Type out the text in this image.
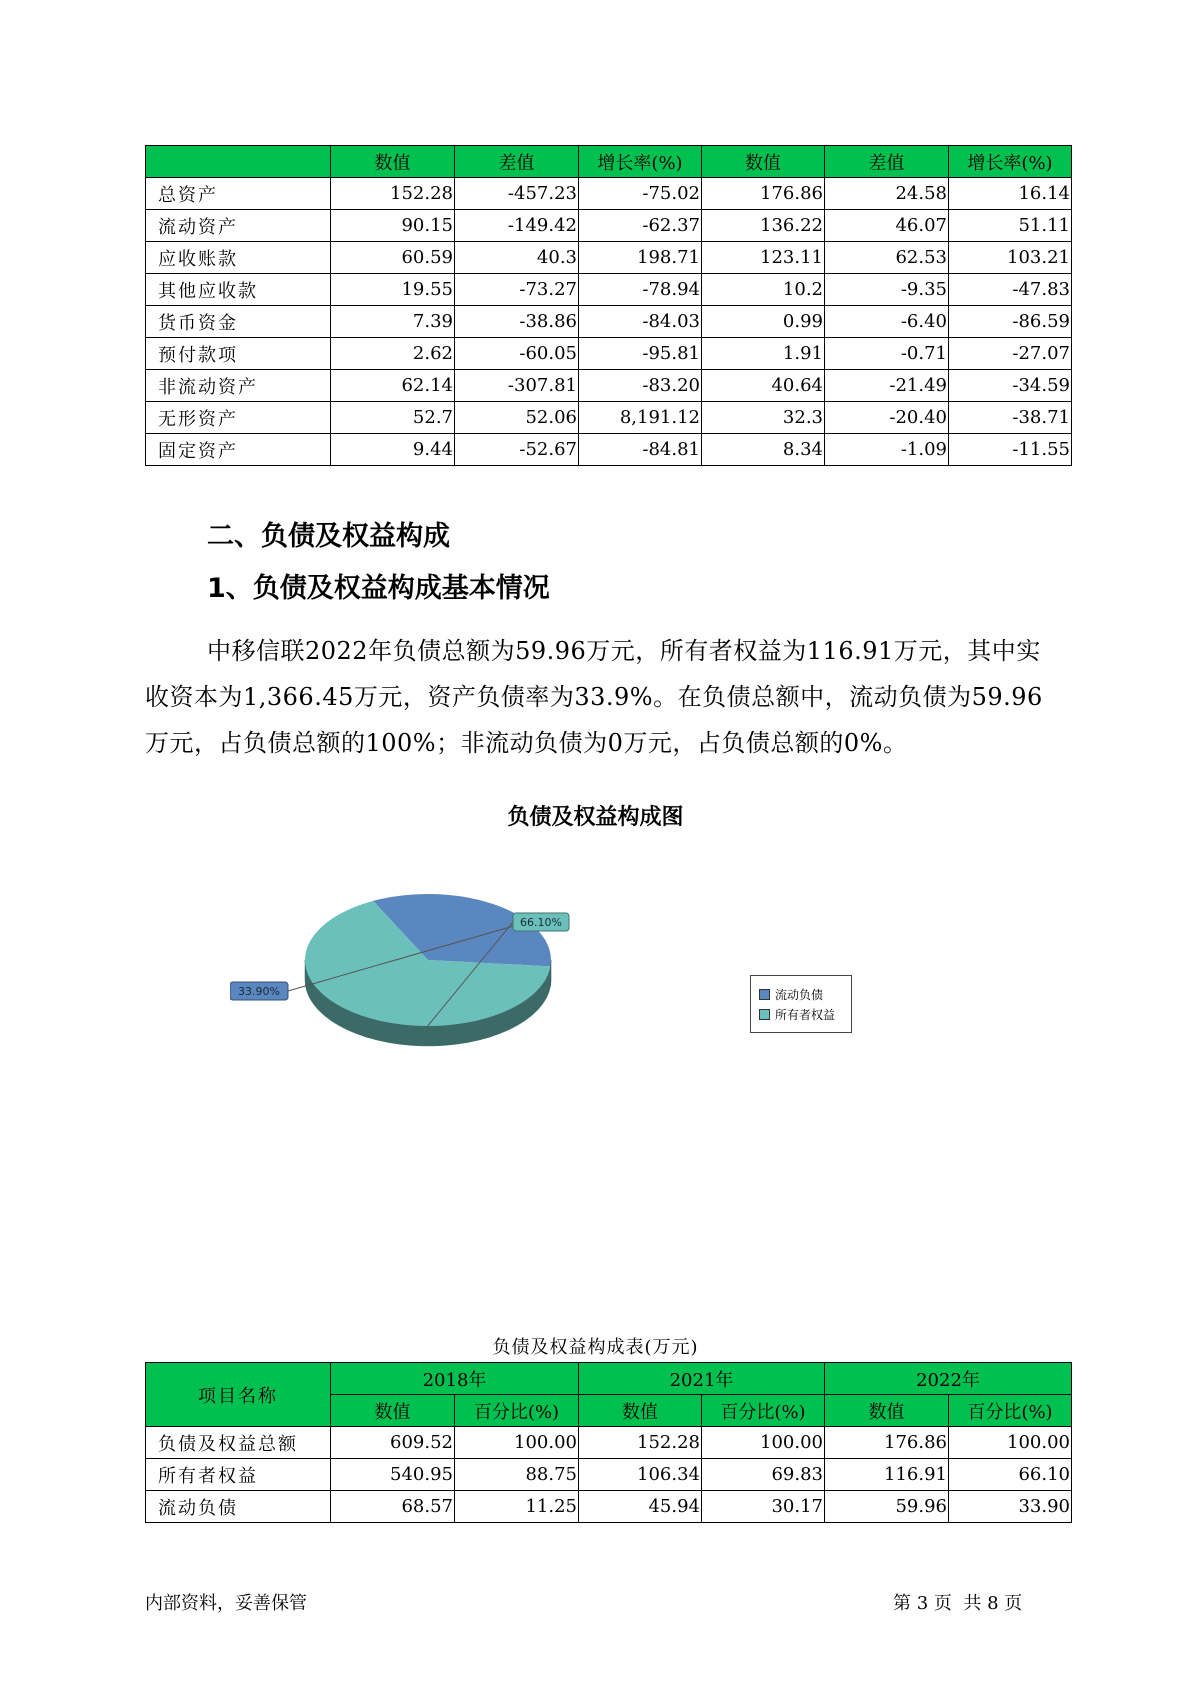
	数值	差值	增长率(%)	数值	差值	增长率(%)
总资产	152.28	-457.23	-75.02	176.86	24.58	16.14
流动资产	90.15	-149.42	-62.37	136.22	46.07	51.11
应收账款	60.59	40.3	198.71	123.11	62.53	103.21
其他应收款	19.55	-73.27	-78.94	10.2	-9.35	-47.83
货币资金	7.39	-38.86	-84.03	0.99	-6.40	-86.59
预付款项	2.62	-60.05	-95.81	1.91	-0.71	-27.07
非流动资产	62.14	-307.81	-83.20	40.64	-21.49	-34.59
无形资产	52.7	52.06	8,191.12	32.3	-20.40	-38.71
固定资产	9.44	-52.67	-84.81	8.34	-1.09	-11.55
二、负债及权益构成
1、负债及权益构成基本情况

中移信联2022年负债总额为59.96万元，所有者权益为116.91万元，其中实收资本为1,366.45万元，资产负债率为33.9%。在负债总额中，流动负债为59.96万元，占负债总额的100%；非流动负债为0万元，占负债总额的0%。

负债及权益构成图
33.90%
66.10%
流动负债
所有者权益
负债及权益构成表(万元)
项目名称	2018年		2021年		2022年	
	数值	百分比(%)	数值	百分比(%)	数值	百分比(%)
负债及权益总额	609.52	100.00	152.28	100.00	176.86	100.00
所有者权益	540.95	88.75	106.34	69.83	116.91	66.10
流动负债	68.57	11.25	45.94	30.17	59.96	33.90
内部资料，妥善保管	第 3 页  共 8 页
